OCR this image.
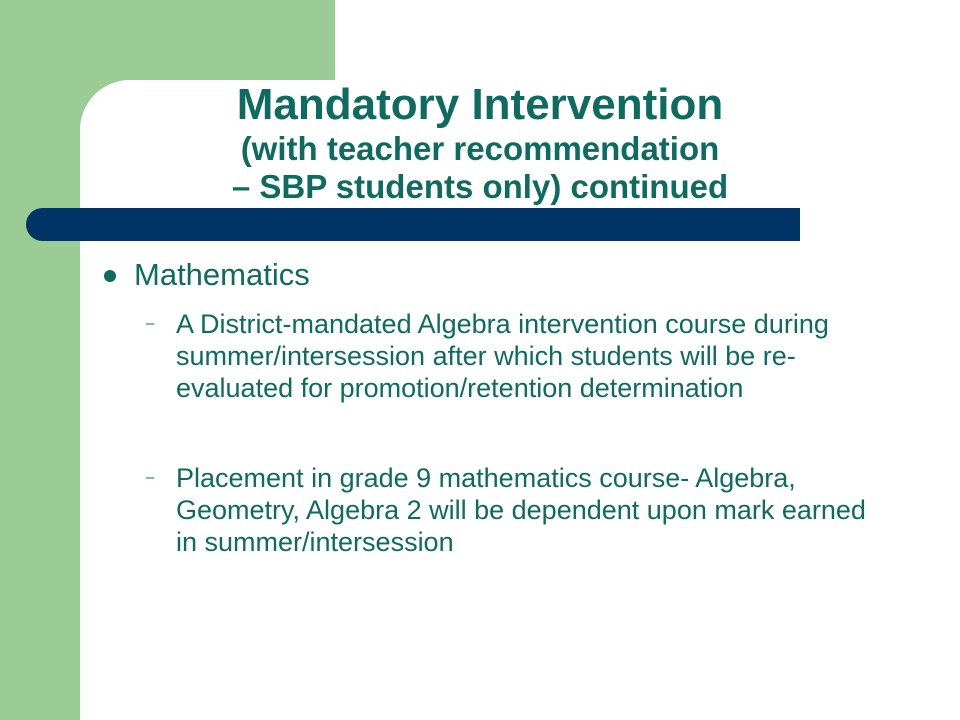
Mandatory Intervention
(with teacher recommendation
– SBP students only) continued
Mathematics
– A District-mandated Algebra intervention course during summer/intersession after which students will be re-evaluated for promotion/retention determination
– Placement in grade 9 mathematics course- Algebra, Geometry, Algebra 2 will be dependent upon mark earned in summer/intersession
